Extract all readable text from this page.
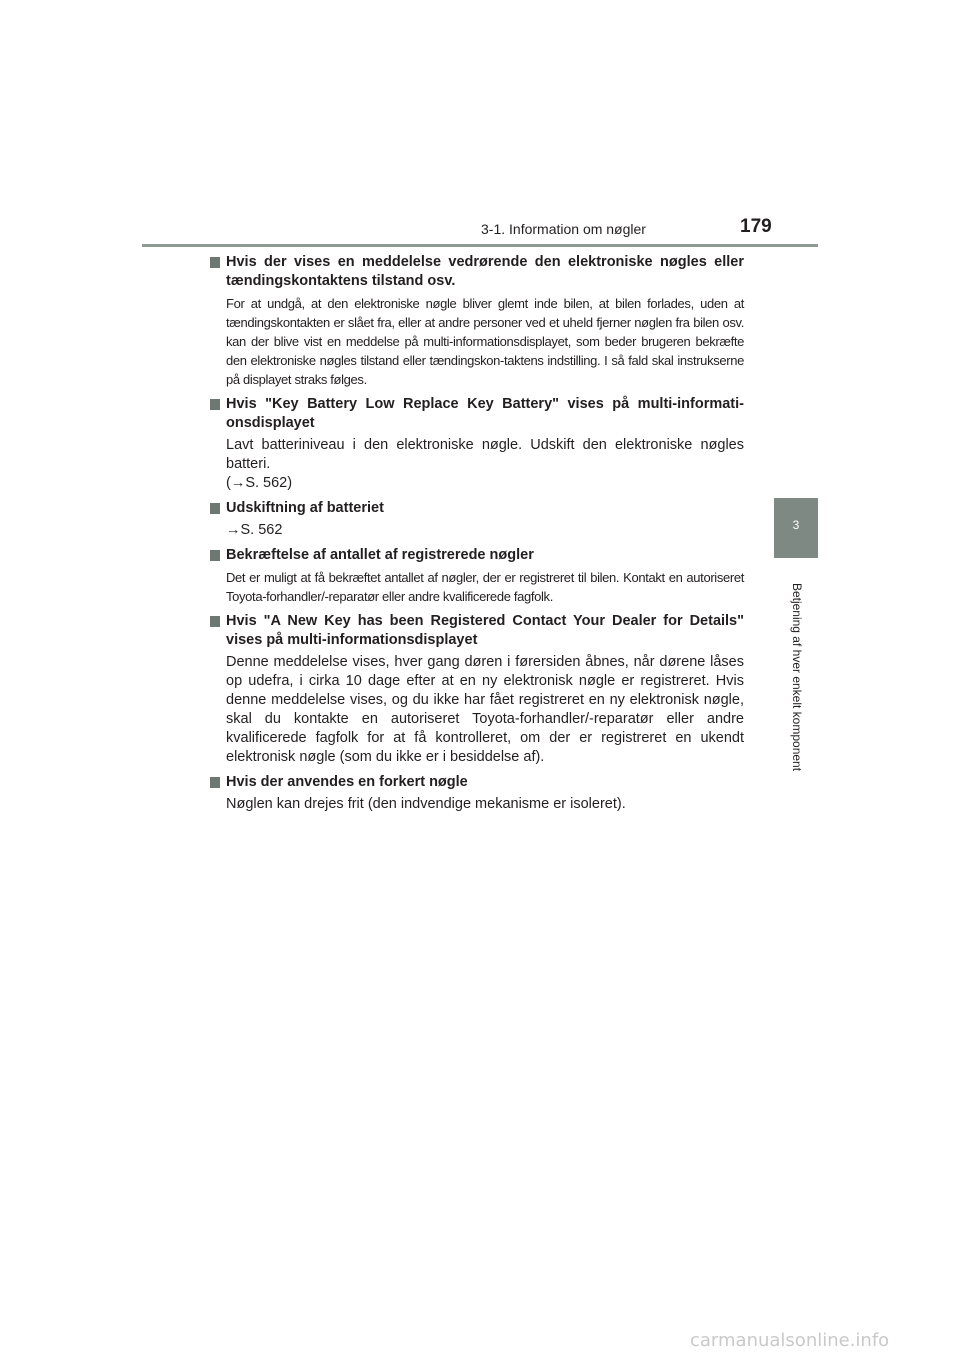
3-1. Information om nøgler	179
3
Betjening af hver enkelt komponent
Hvis der vises en meddelelse vedrørende den elektroniske nøgles eller tændingskontaktens tilstand osv.
For at undgå, at den elektroniske nøgle bliver glemt inde bilen, at bilen forlades, uden at tændingskontakten er slået fra, eller at andre personer ved et uheld fjerner nøglen fra bilen osv. kan der blive vist en meddelse på multi-informationsdisplayet, som beder brugeren bekræfte den elektroniske nøgles tilstand eller tændingskon-taktens indstilling. I så fald skal instrukserne på displayet straks følges.
Hvis "Key Battery Low Replace Key Battery" vises på multi-informati-onsdisplayet
Lavt batteriniveau i den elektroniske nøgle. Udskift den elektroniske nøgles batteri.
(→S. 562)
Udskiftning af batteriet
→S. 562
Bekræftelse af antallet af registrerede nøgler
Det er muligt at få bekræftet antallet af nøgler, der er registreret til bilen. Kontakt en autoriseret Toyota-forhandler/-reparatør eller andre kvalificerede fagfolk.
Hvis "A New Key has been Registered Contact Your Dealer for Details" vises på multi-informationsdisplayet
Denne meddelelse vises, hver gang døren i førersiden åbnes, når dørene låses op udefra, i cirka 10 dage efter at en ny elektronisk nøgle er registreret. Hvis denne meddelelse vises, og du ikke har fået registreret en ny elektronisk nøgle, skal du kontakte en autoriseret Toyota-forhandler/-reparatør eller andre kvalificerede fagfolk for at få kontrolleret, om der er registreret en ukendt elektronisk nøgle (som du ikke er i besiddelse af).
Hvis der anvendes en forkert nøgle
Nøglen kan drejes frit (den indvendige mekanisme er isoleret).
carmanualsonline.info
